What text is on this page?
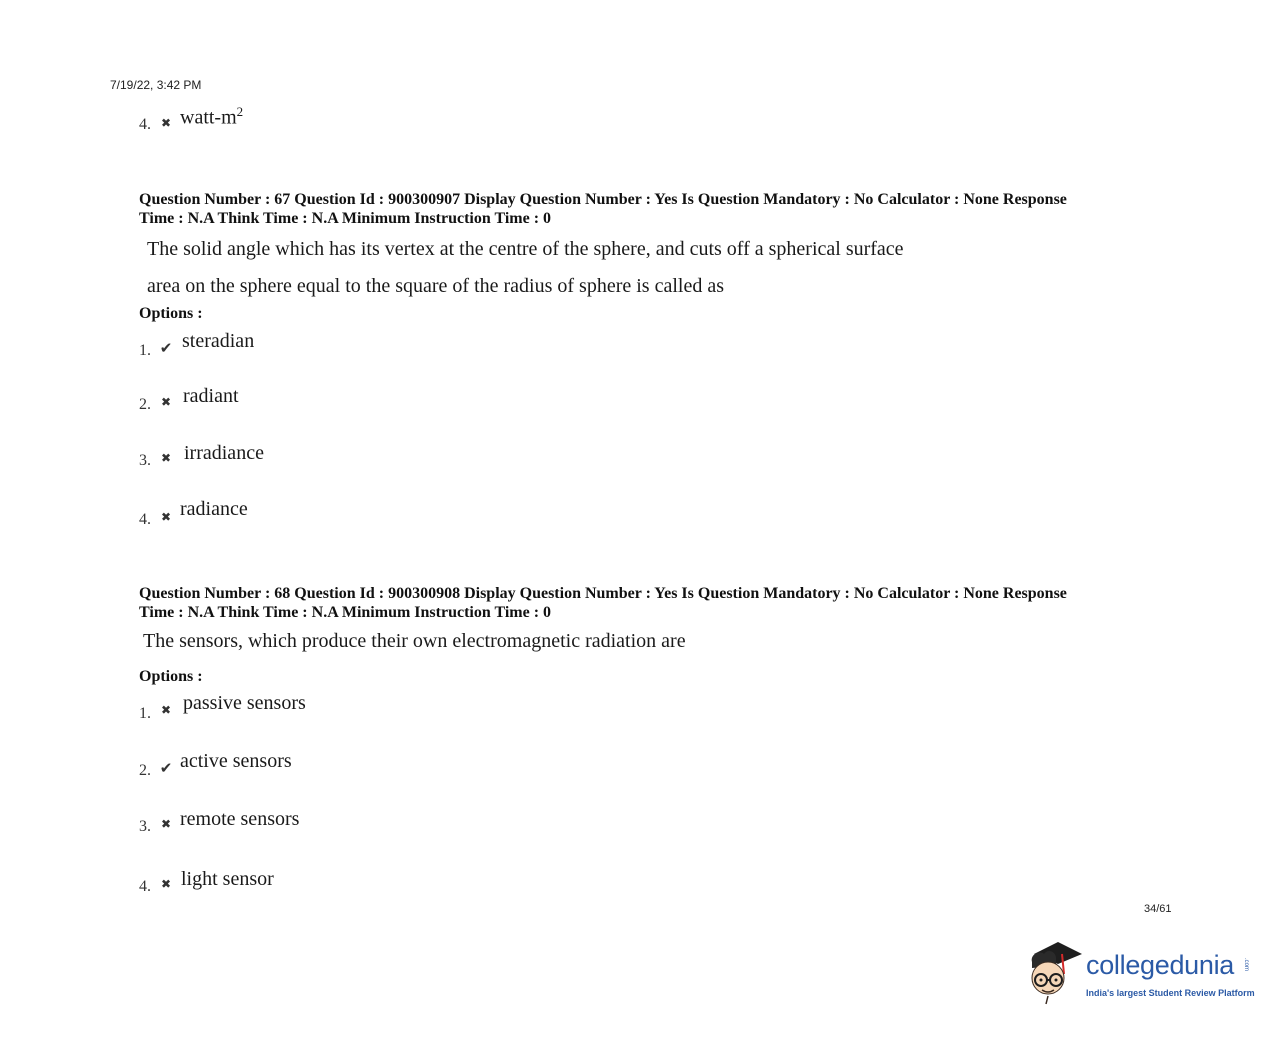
7/19/22, 3:42 PM
4. ✖ watt-$m^2$
Question Number : 67 Question Id : 900300907 Display Question Number : Yes Is Question Mandatory : No Calculator : None Response
Time : N.A Think Time : N.A Minimum Instruction Time : 0
The solid angle which has its vertex at the centre of the sphere, and cuts off a spherical surface
area on the sphere equal to the square of the radius of sphere is called as
Options :
1. ✔ steradian
2. ✖ radiant
3. ✖ irradiance
4. ✖ radiance
Question Number : 68 Question Id : 900300908 Display Question Number : Yes Is Question Mandatory : No Calculator : None Response
Time : N.A Think Time : N.A Minimum Instruction Time : 0
The sensors, which produce their own electromagnetic radiation are
Options :
1. ✖ passive sensors
2. ✔ active sensors
3. ✖ remote sensors
4. ✖ light sensor
34/61
collegedunia .com
India's largest Student Review Platform
